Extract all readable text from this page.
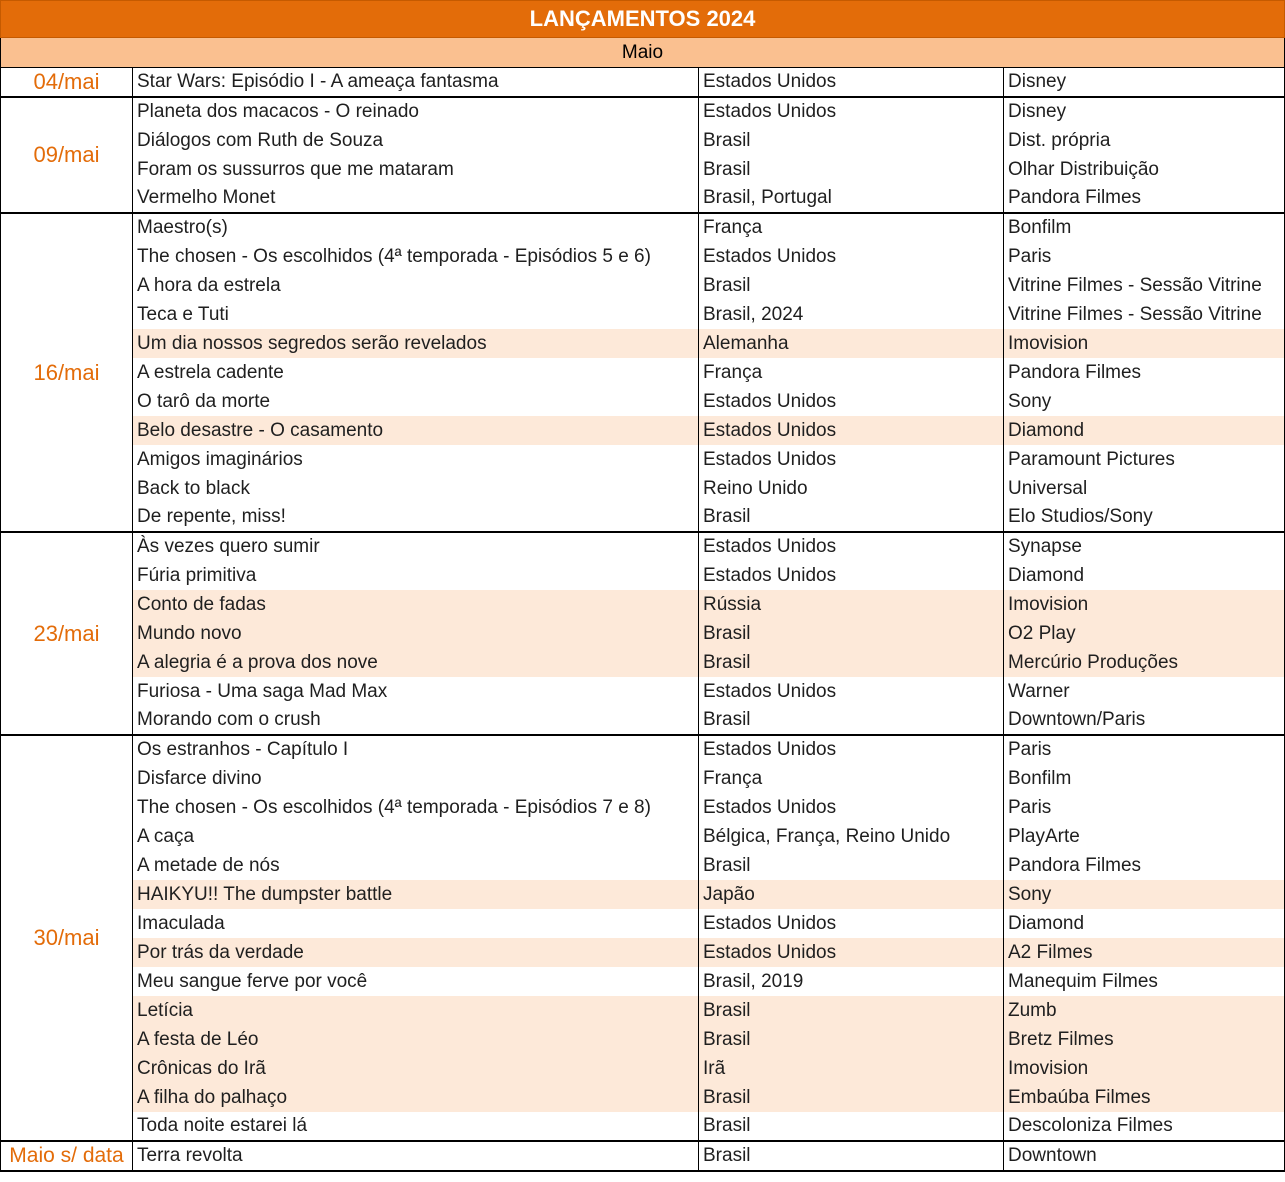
LANÇAMENTOS 2024			
Maio			
04/mai	Star Wars: Episódio I - A ameaça fantasma	Estados Unidos	Disney
09/mai	Planeta dos macacos - O reinado	Estados Unidos	Disney
	Diálogos com Ruth de Souza	Brasil	Dist. própria
	Foram os sussurros que me mataram	Brasil	Olhar Distribuição
	Vermelho Monet	Brasil, Portugal	Pandora Filmes
16/mai	Maestro(s)	França	Bonfilm
	The chosen - Os escolhidos (4ª temporada - Episódios 5 e 6)	Estados Unidos	Paris
	A hora da estrela	Brasil	Vitrine Filmes - Sessão Vitrine
	Teca e Tuti	Brasil, 2024	Vitrine Filmes - Sessão Vitrine
	Um dia nossos segredos serão revelados	Alemanha	Imovision
	A estrela cadente	França	Pandora Filmes
	O tarô da morte	Estados Unidos	Sony
	Belo desastre - O casamento	Estados Unidos	Diamond
	Amigos imaginários	Estados Unidos	Paramount Pictures
	Back to black	Reino Unido	Universal
	De repente, miss!	Brasil	Elo Studios/Sony
23/mai	Às vezes quero sumir	Estados Unidos	Synapse
	Fúria primitiva	Estados Unidos	Diamond
	Conto de fadas	Rússia	Imovision
	Mundo novo	Brasil	O2 Play
	A alegria é a prova dos nove	Brasil	Mercúrio Produções
	Furiosa - Uma saga Mad Max	Estados Unidos	Warner
	Morando com o crush	Brasil	Downtown/Paris
30/mai	Os estranhos - Capítulo I	Estados Unidos	Paris
	Disfarce divino	França	Bonfilm
	The chosen - Os escolhidos (4ª temporada - Episódios 7 e 8)	Estados Unidos	Paris
	A caça	Bélgica, França, Reino Unido	PlayArte
	A metade de nós	Brasil	Pandora Filmes
	HAIKYU!! The dumpster battle	Japão	Sony
	Imaculada	Estados Unidos	Diamond
	Por trás da verdade	Estados Unidos	A2 Filmes
	Meu sangue ferve por você	Brasil, 2019	Manequim Filmes
	Letícia	Brasil	Zumb
	A festa de Léo	Brasil	Bretz Filmes
	Crônicas do Irã	Irã	Imovision
	A filha do palhaço	Brasil	Embaúba Filmes
	Toda noite estarei lá	Brasil	Descoloniza Filmes
Maio s/ data	Terra revolta	Brasil	Downtown
